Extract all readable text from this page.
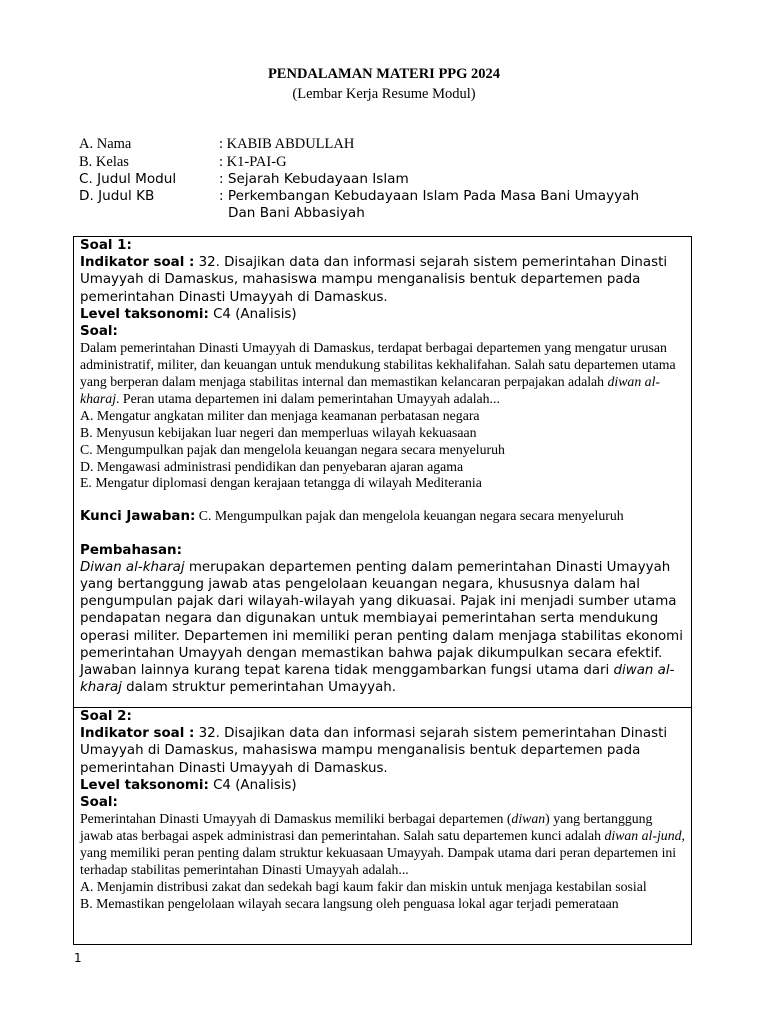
PENDALAMAN MATERI PPG 2024
(Lembar Kerja Resume Modul)
A. Nama	: KABIB ABDULLAH
B. Kelas	: K1-PAI-G
C. Judul Modul	: Sejarah Kebudayaan Islam
D. Judul KB	: Perkembangan Kebudayaan Islam Pada Masa Bani Umayyah
Dan Bani Abbasiyah

Soal 1:

Indikator soal : 32. Disajikan data dan informasi sejarah sistem pemerintahan Dinasti Umayyah di Damaskus, mahasiswa mampu menganalisis bentuk departemen pada pemerintahan Dinasti Umayyah di Damaskus.

Level taksonomi: C4 (Analisis)

Soal:

Dalam pemerintahan Dinasti Umayyah di Damaskus, terdapat berbagai departemen yang mengatur urusan administratif, militer, dan keuangan untuk mendukung stabilitas kekhalifahan. Salah satu departemen utama yang berperan dalam menjaga stabilitas internal dan memastikan kelancaran perpajakan adalah diwan al-kharaj. Peran utama departemen ini dalam pemerintahan Umayyah adalah...

A. Mengatur angkatan militer dan menjaga keamanan perbatasan negara

B. Menyusun kebijakan luar negeri dan memperluas wilayah kekuasaan

C. Mengumpulkan pajak dan mengelola keuangan negara secara menyeluruh

D. Mengawasi administrasi pendidikan dan penyebaran ajaran agama

E. Mengatur diplomasi dengan kerajaan tetangga di wilayah Mediterania

Kunci Jawaban: C. Mengumpulkan pajak dan mengelola keuangan negara secara menyeluruh

Pembahasan:

Diwan al-kharaj merupakan departemen penting dalam pemerintahan Dinasti Umayyah yang bertanggung jawab atas pengelolaan keuangan negara, khususnya dalam hal pengumpulan pajak dari wilayah-wilayah yang dikuasai. Pajak ini menjadi sumber utama pendapatan negara dan digunakan untuk membiayai pemerintahan serta mendukung operasi militer. Departemen ini memiliki peran penting dalam menjaga stabilitas ekonomi pemerintahan Umayyah dengan memastikan bahwa pajak dikumpulkan secara efektif. Jawaban lainnya kurang tepat karena tidak menggambarkan fungsi utama dari diwan al-kharaj dalam struktur pemerintahan Umayyah.

Soal 2:

Indikator soal : 32. Disajikan data dan informasi sejarah sistem pemerintahan Dinasti Umayyah di Damaskus, mahasiswa mampu menganalisis bentuk departemen pada pemerintahan Dinasti Umayyah di Damaskus.

Level taksonomi: C4 (Analisis)

Soal:

Pemerintahan Dinasti Umayyah di Damaskus memiliki berbagai departemen (diwan) yang bertanggung jawab atas berbagai aspek administrasi dan pemerintahan. Salah satu departemen kunci adalah diwan al-jund, yang memiliki peran penting dalam struktur kekuasaan Umayyah. Dampak utama dari peran departemen ini terhadap stabilitas pemerintahan Dinasti Umayyah adalah...

A. Menjamin distribusi zakat dan sedekah bagi kaum fakir dan miskin untuk menjaga kestabilan sosial

B. Memastikan pengelolaan wilayah secara langsung oleh penguasa lokal agar terjadi pemerataan

1
